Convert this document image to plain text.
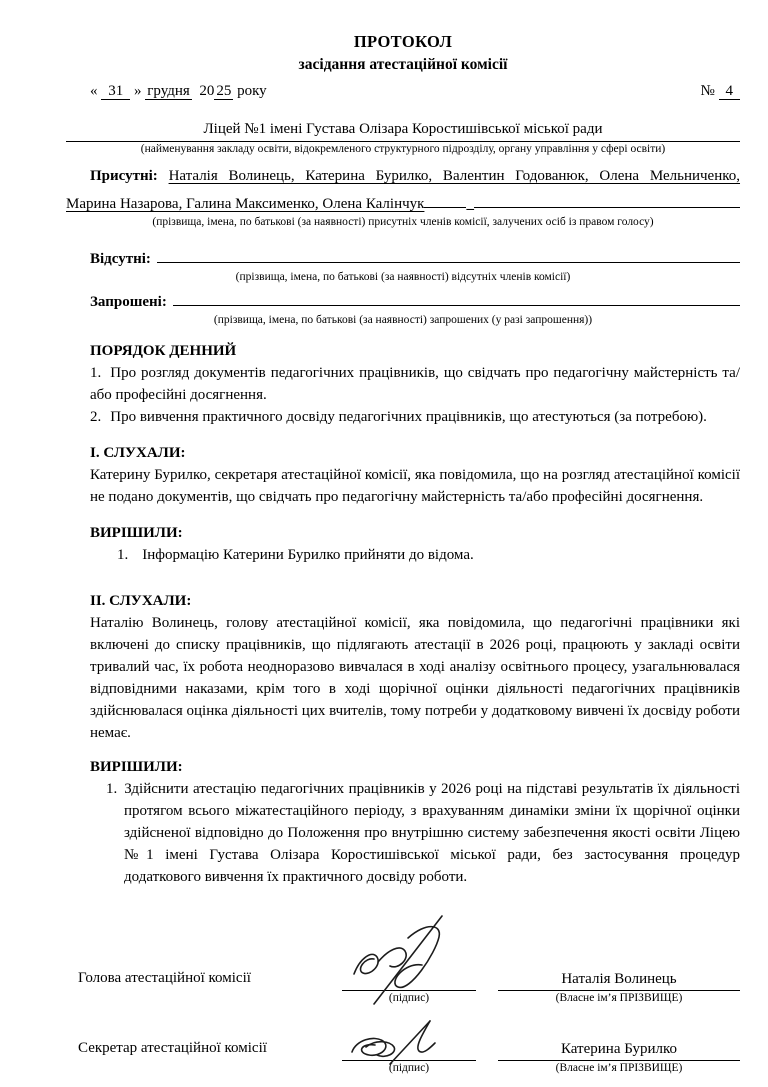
ПРОТОКОЛ
засідання атестаційної комісії
« 31 » грудня 20 25 року	№ 4
Ліцей №1 імені Густава Олізара Коростишівської міської ради
(найменування закладу освіти, відокремленого структурного підрозділу, органу управління у сфері освіти)
Присутні: Наталія Волинець, Катерина Бурилко, Валентин Годованюк, Олена Мельниченко,
Марина Назарова, Галина Максименко, Олена Калінчук	_
(прізвища, імена, по батькові (за наявності) присутніх членів комісії, залучених осіб із правом голосу)
Відсутні:
(прізвища, імена, по батькові (за наявності) відсутніх членів комісії)
Запрошені:
(прізвища, імена, по батькові (за наявності) запрошених (у разі запрошення))
ПОРЯДОК ДЕННИЙ

1. Про розгляд документів педагогічних працівників, що свідчать про педагогічну майстерність та/або професійні досягнення.

2. Про вивчення практичного досвіду педагогічних працівників, що атестуються (за потребою).

І. СЛУХАЛИ:

Катерину Бурилко, секретаря атестаційної комісії, яка повідомила, що на розгляд атестаційної комісії не подано документів, що свідчать про педагогічну майстерність та/або професійні досягнення.

ВИРІШИЛИ:

1. Інформацію Катерини Бурилко прийняти до відома.

ІІ. СЛУХАЛИ:

Наталію Волинець, голову атестаційної комісії, яка повідомила, що педагогічні працівники які включені до списку працівників, що підлягають атестації в 2026 році, працюють у закладі освіти тривалий час, їх робота неодноразово вивчалася в ході аналізу освітнього процесу, узагальнювалася відповідними наказами, крім того в ході щорічної оцінки діяльності педагогічних працівників здійснювалася оцінка діяльності цих вчителів, тому потреби у додатковому вивчені їх досвіду роботи немає.

ВИРІШИЛИ:

1. Здійснити атестацію педагогічних працівників у 2026 році на підставі результатів їх діяльності протягом всього міжатестаційного періоду, з врахуванням динаміки зміни їх щорічної оцінки здійсненої відповідно до Положення про внутрішню систему забезпечення якості освіти Ліцею №1 імені Густава Олізара Коростишівської міської ради, без застосування процедур додаткового вивчення їх практичного досвіду роботи.

Голова атестаційної комісії
(підпис)
Наталія Волинець
(Власне ім’я ПРІЗВИЩЕ)
Секретар атестаційної комісії
(підпис)
Катерина Бурилко
(Власне ім’я ПРІЗВИЩЕ)
